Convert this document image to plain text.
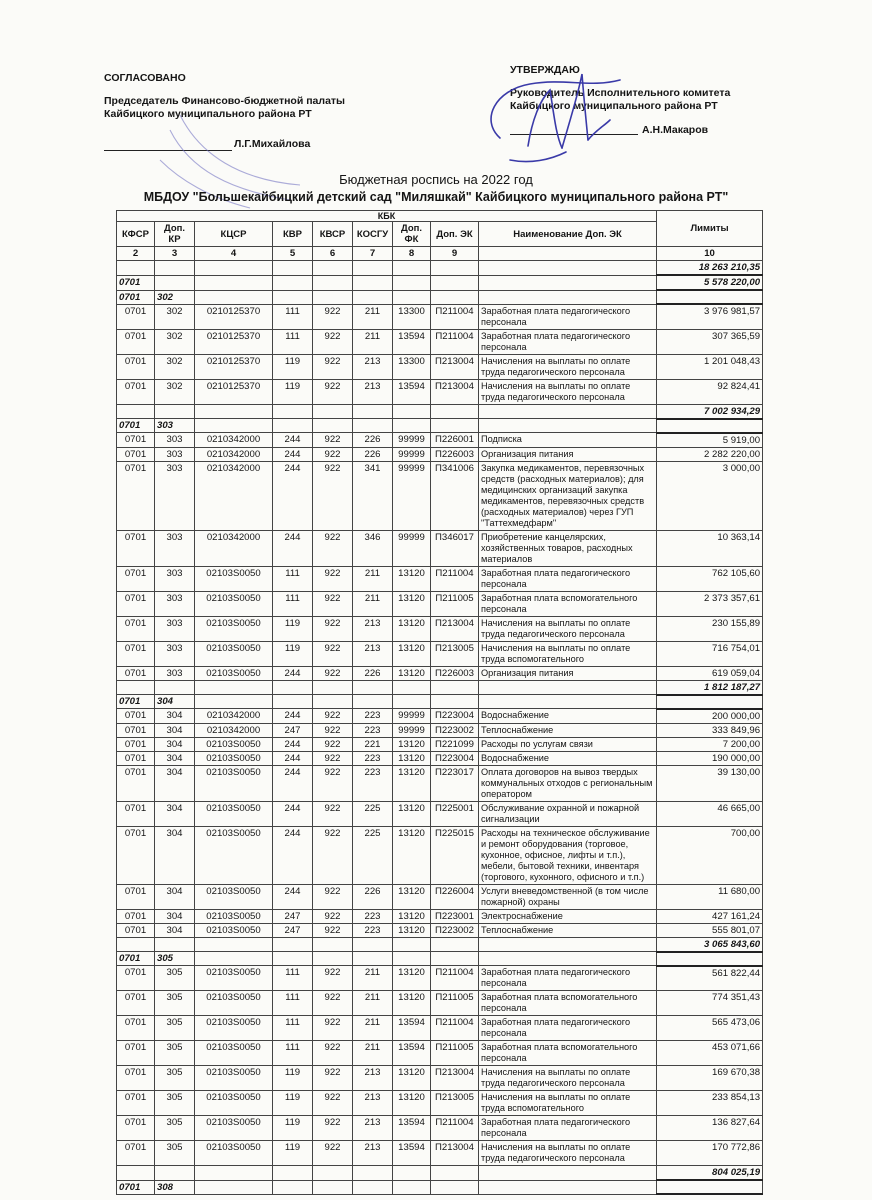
СОГЛАСОВАНО
Председатель Финансово-бюджетной палаты
Кайбицкого муниципального района РТ
Л.Г.Михайлова
УТВЕРЖДАЮ
Руководитель Исполнительного комитета
Кайбицкого муниципального района РТ
А.Н.Макаров
Бюджетная роспись на 2022 год
МБДОУ "Большекайбицкий детский сад "Миляшкай" Кайбицкого муниципального района РТ"
КБК									Лимиты
КФСР	Доп. КР	КЦСР	КВР	КВСР	КОСГУ	Доп. ФК	Доп. ЭК	Наименование Доп. ЭК	
2	3	4	5	6	7	8	9		10
									18 263 210,35
0701									5 578 220,00
0701	302								
0701	302	0210125370	111	922	211	13300	П211004	Заработная плата педагогического персонала	3 976 981,57
0701	302	0210125370	111	922	211	13594	П211004	Заработная плата педагогического персонала	307 365,59
0701	302	0210125370	119	922	213	13300	П213004	Начисления на выплаты по оплате труда педагогического персонала	1 201 048,43
0701	302	0210125370	119	922	213	13594	П213004	Начисления на выплаты по оплате труда педагогического персонала	92 824,41
									7 002 934,29
0701	303								
0701	303	0210342000	244	922	226	99999	П226001	Подписка	5 919,00
0701	303	0210342000	244	922	226	99999	П226003	Организация питания	2 282 220,00
0701	303	0210342000	244	922	341	99999	П341006	Закупка медикаментов, перевязочных средств (расходных материалов); для медицинских организаций закупка медикаментов, перевязочных средств (расходных материалов) через ГУП "Таттехмедфарм"	3 000,00
0701	303	0210342000	244	922	346	99999	П346017	Приобретение канцелярских, хозяйственных товаров, расходных материалов	10 363,14
0701	303	02103S0050	111	922	211	13120	П211004	Заработная плата педагогического персонала	762 105,60
0701	303	02103S0050	111	922	211	13120	П211005	Заработная плата вспомогательного персонала	2 373 357,61
0701	303	02103S0050	119	922	213	13120	П213004	Начисления на выплаты по оплате труда педагогического персонала	230 155,89
0701	303	02103S0050	119	922	213	13120	П213005	Начисления на выплаты по оплате труда вспомогательного	716 754,01
0701	303	02103S0050	244	922	226	13120	П226003	Организация питания	619 059,04
									1 812 187,27
0701	304								
0701	304	0210342000	244	922	223	99999	П223004	Водоснабжение	200 000,00
0701	304	0210342000	247	922	223	99999	П223002	Теплоснабжение	333 849,96
0701	304	02103S0050	244	922	221	13120	П221099	Расходы по услугам связи	7 200,00
0701	304	02103S0050	244	922	223	13120	П223004	Водоснабжение	190 000,00
0701	304	02103S0050	244	922	223	13120	П223017	Оплата договоров на вывоз твердых коммунальных отходов с региональным оператором	39 130,00
0701	304	02103S0050	244	922	225	13120	П225001	Обслуживание охранной и пожарной сигнализации	46 665,00
0701	304	02103S0050	244	922	225	13120	П225015	Расходы на техническое обслуживание и ремонт оборудования (торговое, кухонное, офисное, лифты и т.п.), мебели, бытовой техники, инвентаря (торгового, кухонного, офисного и т.п.)	700,00
0701	304	02103S0050	244	922	226	13120	П226004	Услуги вневедомственной (в том числе пожарной) охраны	11 680,00
0701	304	02103S0050	247	922	223	13120	П223001	Электроснабжение	427 161,24
0701	304	02103S0050	247	922	223	13120	П223002	Теплоснабжение	555 801,07
									3 065 843,60
0701	305								
0701	305	02103S0050	111	922	211	13120	П211004	Заработная плата педагогического персонала	561 822,44
0701	305	02103S0050	111	922	211	13120	П211005	Заработная плата вспомогательного персонала	774 351,43
0701	305	02103S0050	111	922	211	13594	П211004	Заработная плата педагогического персонала	565 473,06
0701	305	02103S0050	111	922	211	13594	П211005	Заработная плата вспомогательного персонала	453 071,66
0701	305	02103S0050	119	922	213	13120	П213004	Начисления на выплаты по оплате труда педагогического персонала	169 670,38
0701	305	02103S0050	119	922	213	13120	П213005	Начисления на выплаты по оплате труда вспомогательного	233 854,13
0701	305	02103S0050	119	922	213	13594	П211004	Заработная плата педагогического персонала	136 827,64
0701	305	02103S0050	119	922	213	13594	П213004	Начисления на выплаты по оплате труда педагогического персонала	170 772,86
									804 025,19
0701	308								
